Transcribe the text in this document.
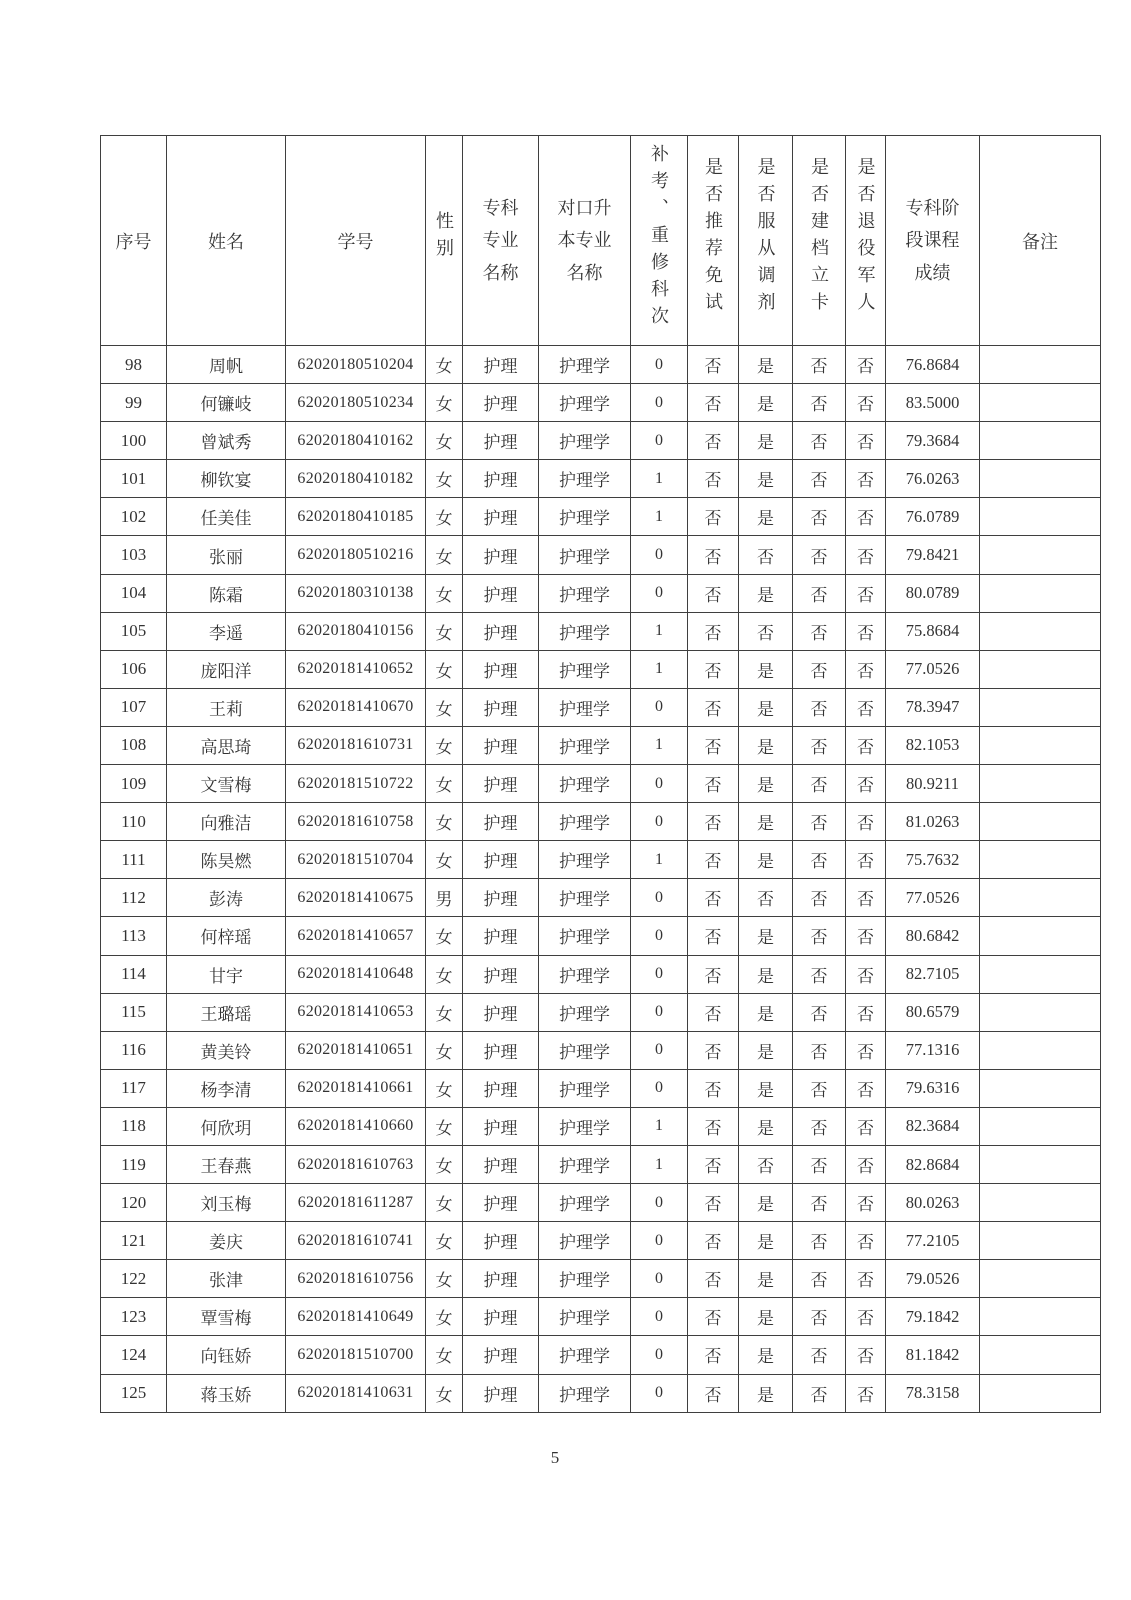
序号	姓名	学号	性别	专科专业名称	对口升本专业名称	补考、重修科次	是否推荐免试	是否服从调剂	是否建档立卡	是否退役军人	专科阶段课程成绩	备注
98	周帆	62020180510204	女	护理	护理学	0	否	是	否	否	76.8684	
99	何镰岐	62020180510234	女	护理	护理学	0	否	是	否	否	83.5000	
100	曾斌秀	62020180410162	女	护理	护理学	0	否	是	否	否	79.3684	
101	柳钦宴	62020180410182	女	护理	护理学	1	否	是	否	否	76.0263	
102	任美佳	62020180410185	女	护理	护理学	1	否	是	否	否	76.0789	
103	张丽	62020180510216	女	护理	护理学	0	否	否	否	否	79.8421	
104	陈霜	62020180310138	女	护理	护理学	0	否	是	否	否	80.0789	
105	李遥	62020180410156	女	护理	护理学	1	否	否	否	否	75.8684	
106	庞阳洋	62020181410652	女	护理	护理学	1	否	是	否	否	77.0526	
107	王莉	62020181410670	女	护理	护理学	0	否	是	否	否	78.3947	
108	高思琦	62020181610731	女	护理	护理学	1	否	是	否	否	82.1053	
109	文雪梅	62020181510722	女	护理	护理学	0	否	是	否	否	80.9211	
110	向雅洁	62020181610758	女	护理	护理学	0	否	是	否	否	81.0263	
111	陈昊燃	62020181510704	女	护理	护理学	1	否	是	否	否	75.7632	
112	彭涛	62020181410675	男	护理	护理学	0	否	否	否	否	77.0526	
113	何梓瑶	62020181410657	女	护理	护理学	0	否	是	否	否	80.6842	
114	甘宇	62020181410648	女	护理	护理学	0	否	是	否	否	82.7105	
115	王璐瑶	62020181410653	女	护理	护理学	0	否	是	否	否	80.6579	
116	黄美铃	62020181410651	女	护理	护理学	0	否	是	否	否	77.1316	
117	杨李清	62020181410661	女	护理	护理学	0	否	是	否	否	79.6316	
118	何欣玥	62020181410660	女	护理	护理学	1	否	是	否	否	82.3684	
119	王春燕	62020181610763	女	护理	护理学	1	否	否	否	否	82.8684	
120	刘玉梅	62020181611287	女	护理	护理学	0	否	是	否	否	80.0263	
121	姜庆	62020181610741	女	护理	护理学	0	否	是	否	否	77.2105	
122	张津	62020181610756	女	护理	护理学	0	否	是	否	否	79.0526	
123	覃雪梅	62020181410649	女	护理	护理学	0	否	是	否	否	79.1842	
124	向钰娇	62020181510700	女	护理	护理学	0	否	是	否	否	81.1842	
125	蒋玉娇	62020181410631	女	护理	护理学	0	否	是	否	否	78.3158	
5
